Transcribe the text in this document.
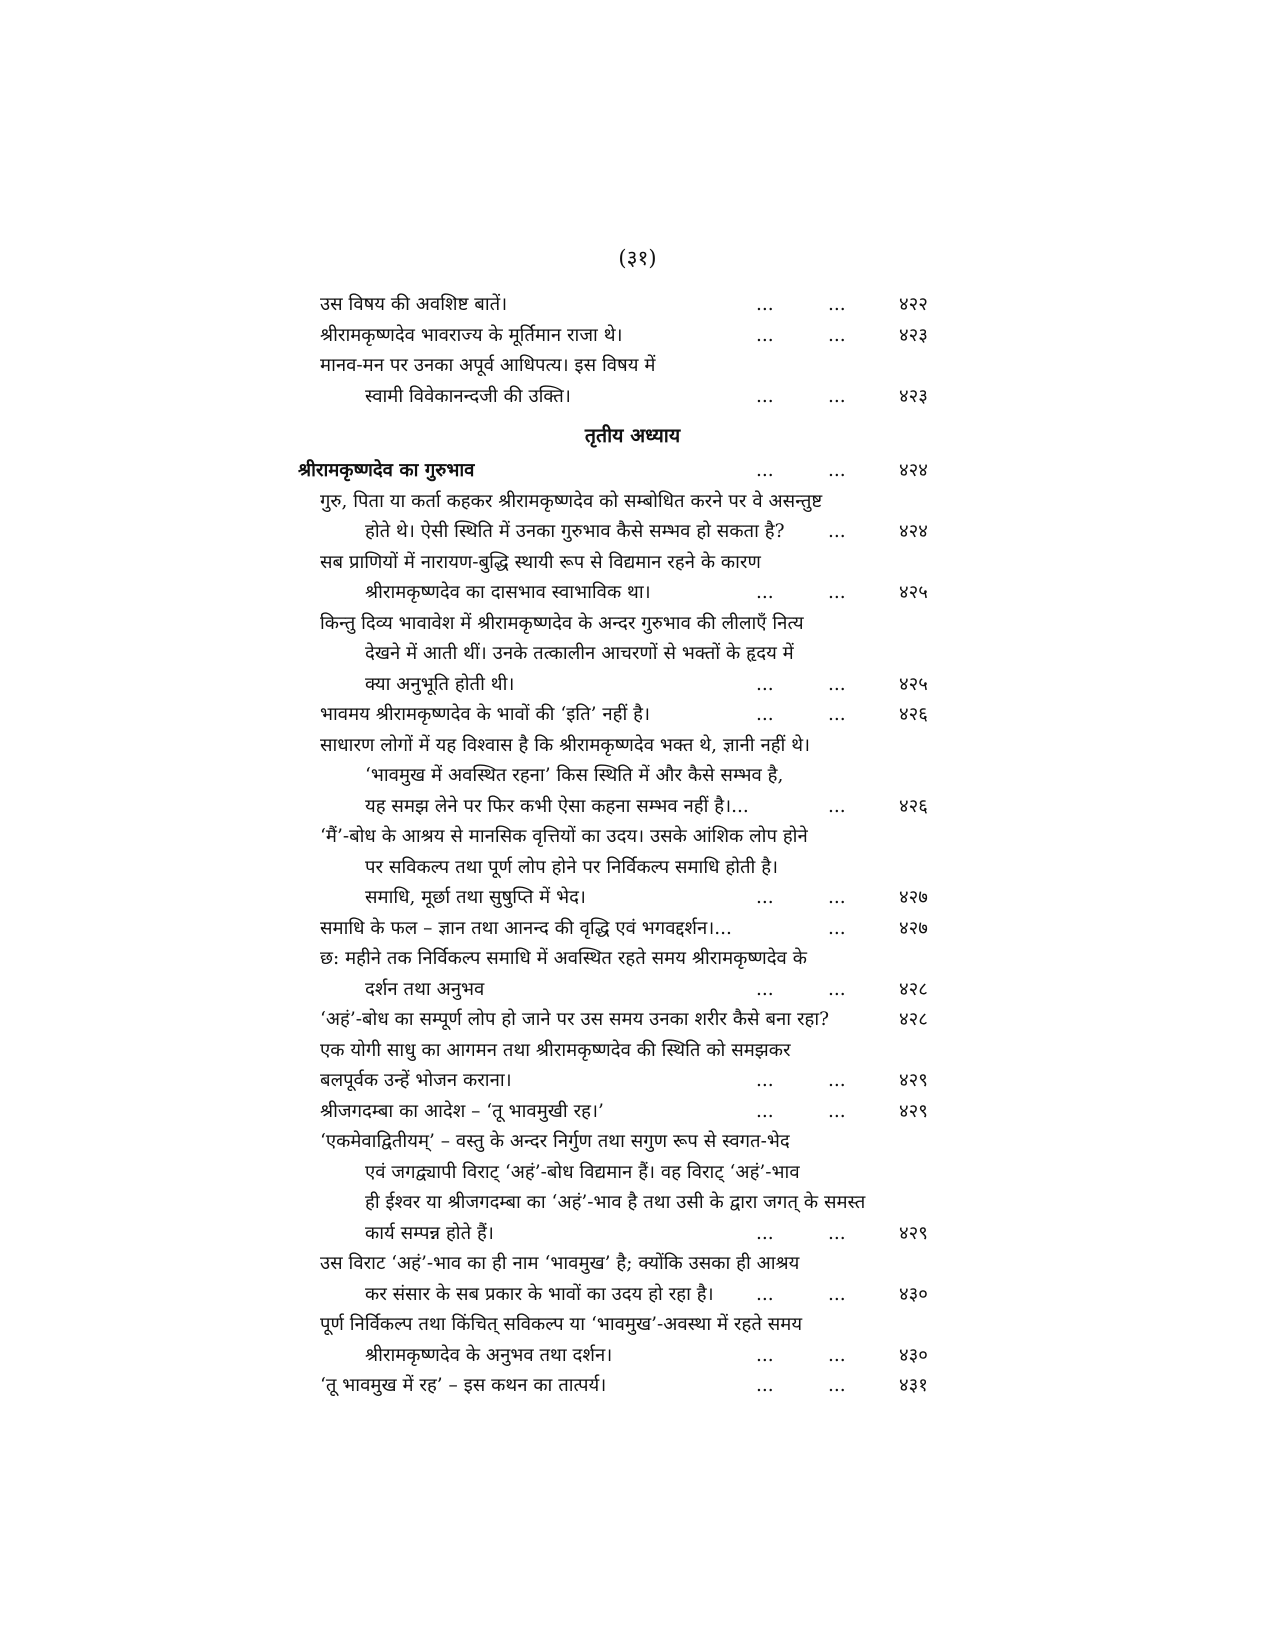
(३१)
उस विषय की अवशिष्ट बातें।	...	...	४२२
श्रीरामकृष्णदेव भावराज्य के मूर्तिमान राजा थे।	...	...	४२३
मानव-मन पर उनका अपूर्व आधिपत्य। इस विषय में
स्वामी विवेकानन्दजी की उक्ति।	...	...	४२३
तृतीय अध्याय
श्रीरामकृष्णदेव का गुरुभाव	...	...	४२४
गुरु, पिता या कर्ता कहकर श्रीरामकृष्णदेव को सम्बोधित करने पर वे असन्तुष्ट
होते थे। ऐसी स्थिति में उनका गुरुभाव कैसे सम्भव हो सकता है? ...	४२४
सब प्राणियों में नारायण-बुद्धि स्थायी रूप से विद्यमान रहने के कारण
श्रीरामकृष्णदेव का दासभाव स्वाभाविक था।	...	...	४२५
किन्तु दिव्य भावावेश में श्रीरामकृष्णदेव के अन्दर गुरुभाव की लीलाएँ नित्य
देखने में आती थीं। उनके तत्कालीन आचरणों से भक्तों के हृदय में
क्या अनुभूति होती थी।	...	...	४२५
भावमय श्रीरामकृष्णदेव के भावों की ‘इति’ नहीं है।	...	...	४२६
साधारण लोगों में यह विश्वास है कि श्रीरामकृष्णदेव भक्त थे, ज्ञानी नहीं थे।
‘भावमुख में अवस्थित रहना’ किस स्थिति में और कैसे सम्भव है,
यह समझ लेने पर फिर कभी ऐसा कहना सम्भव नहीं है।...	...	४२६
‘मैं’-बोध के आश्रय से मानसिक वृत्तियों का उदय। उसके आंशिक लोप होने
पर सविकल्प तथा पूर्ण लोप होने पर निर्विकल्प समाधि होती है।
समाधि, मूर्छा तथा सुषुप्ति में भेद।	...	...	४२७
समाधि के फल – ज्ञान तथा आनन्द की वृद्धि एवं भगवद्दर्शन।...	...	४२७
छ: महीने तक निर्विकल्प समाधि में अवस्थित रहते समय श्रीरामकृष्णदेव के
दर्शन तथा अनुभव	...	...	४२८
‘अहं’-बोध का सम्पूर्ण लोप हो जाने पर उस समय उनका शरीर कैसे बना रहा?	४२८
एक योगी साधु का आगमन तथा श्रीरामकृष्णदेव की स्थिति को समझकर
बलपूर्वक उन्हें भोजन कराना।	...	...	४२९
श्रीजगदम्बा का आदेश – ‘तू भावमुखी रह।’	...	...	४२९
‘एकमेवाद्वितीयम्’ – वस्तु के अन्दर निर्गुण तथा सगुण रूप से स्वगत-भेद
एवं जगद्व्यापी विराट् ‘अहं’-बोध विद्यमान हैं। वह विराट् ‘अहं’-भाव
ही ईश्वर या श्रीजगदम्बा का ‘अहं’-भाव है तथा उसी के द्वारा जगत् के समस्त
कार्य सम्पन्न होते हैं।	...	...	४२९
उस विराट ‘अहं’-भाव का ही नाम ‘भावमुख’ है; क्योंकि उसका ही आश्रय
कर संसार के सब प्रकार के भावों का उदय हो रहा है। ...	...	४३०
पूर्ण निर्विकल्प तथा किंचित् सविकल्प या ‘भावमुख’-अवस्था में रहते समय
श्रीरामकृष्णदेव के अनुभव तथा दर्शन।	...	...	४३०
‘तू भावमुख में रह’ – इस कथन का तात्पर्य।	...	...	४३१
